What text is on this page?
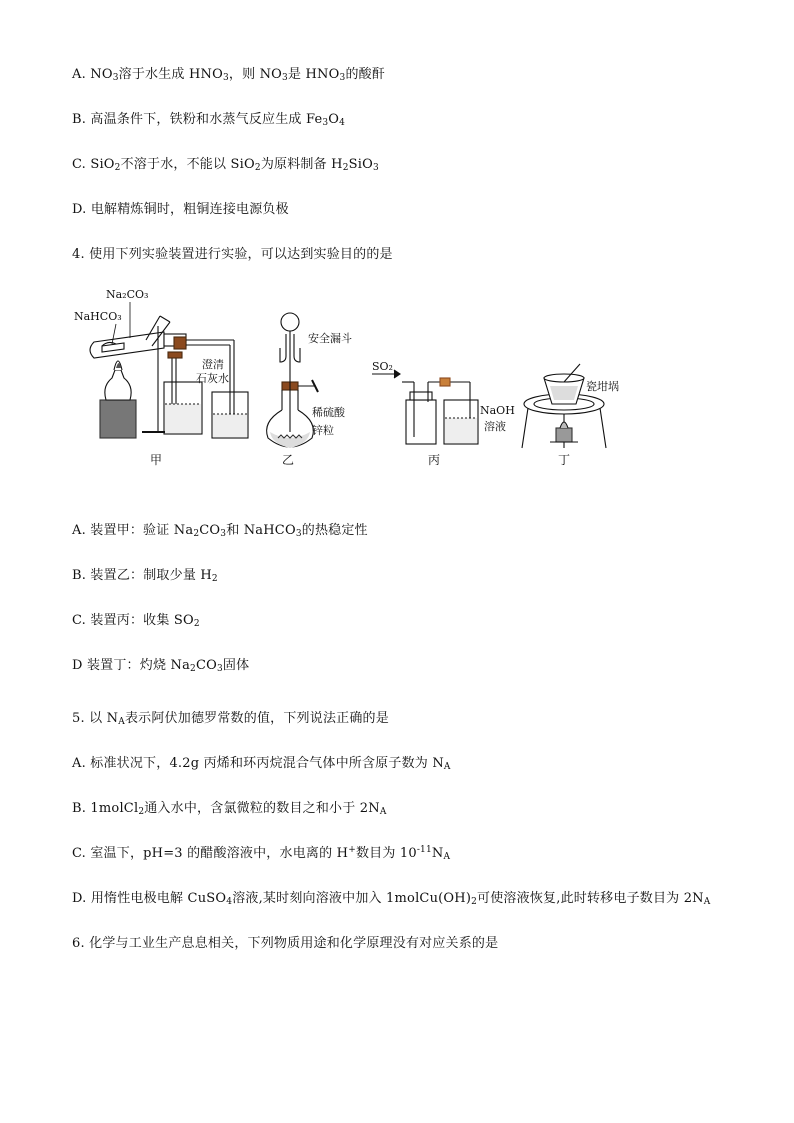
A. $NO_3$溶于水生成 $HNO_3$，则 $NO_3$是 $HNO_3$的酸酐
B. 高温条件下，铁粉和水蒸气反应生成 $Fe_3O_4$
C. SiO$_2$不溶于水，不能以 SiO$_2$为原料制备 $H_2SiO_3$
D. 电解精炼铜时，粗铜连接电源负极
4. 使用下列实验装置进行实验，可以达到实验目的的是
A. 装置甲：验证 $Na_2CO_3$和 NaHCO$_3$的热稳定性
B. 装置乙：制取少量 $H_2$
C. 装置丙：收集 $SO_2$
D 装置丁：灼烧 $Na_2CO_3$固体
5. 以 $N_A$表示阿伏加德罗常数的值，下列说法正确的是
A. 标准状况下，4.2g 丙烯和环丙烷混合气体中所含原子数为 $N_A$
B. 1molCl$_2$通入水中，含氯微粒的数目之和小于 $2N_A$
C. 室温下，pH=3 的醋酸溶液中，水电离的 H+数目为 $10^{-11}N_A$
D. 用惰性电极电解 CuSO$_4$溶液,某时刻向溶液中加入 $1molCu(OH)_2$可使溶液恢复,此时转移电子数目为 $2N_A$
6. 化学与工业生产息息相关，下列物质用途和化学原理没有对应关系的是
Na₂CO₃
NaHCO₃
澄清
石灰水
安全漏斗
稀硫酸
锌粒
SO₂
NaOH
溶液
瓷坩埚
甲	乙	丙	丁
